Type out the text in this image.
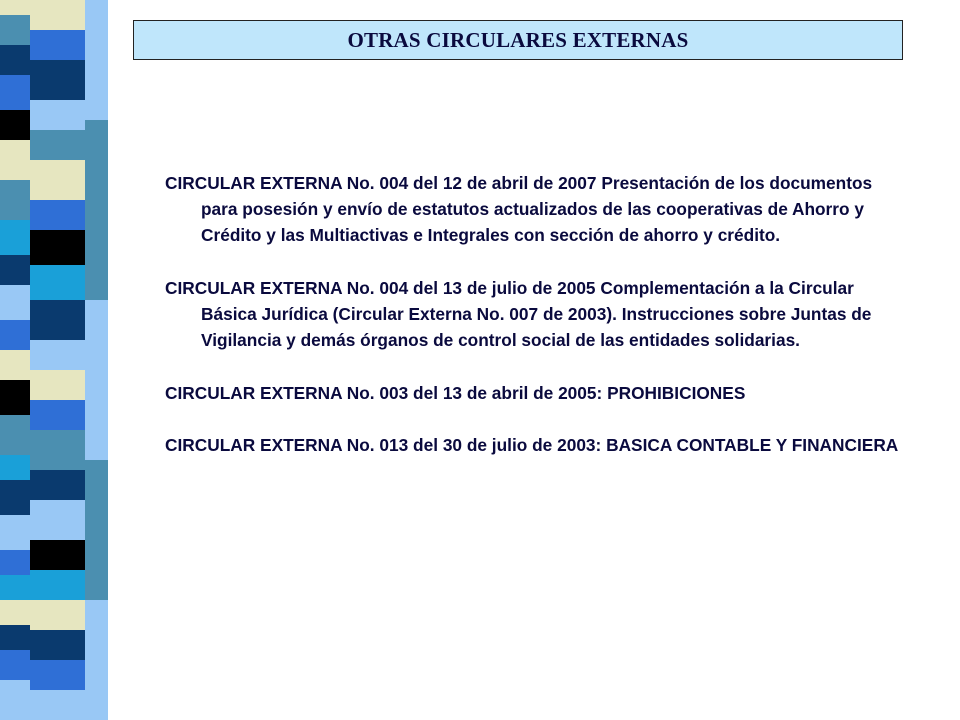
OTRAS CIRCULARES EXTERNAS

CIRCULAR EXTERNA No. 004 del 12 de abril de 2007 Presentación de los documentos para posesión y envío de estatutos actualizados de las cooperativas de Ahorro y Crédito y las Multiactivas e Integrales con sección de ahorro y crédito.

CIRCULAR EXTERNA No. 004 del 13 de julio de 2005 Complementación a la Circular Básica Jurídica (Circular Externa No. 007 de 2003). Instrucciones sobre Juntas de Vigilancia y demás órganos de control social de las entidades solidarias.

CIRCULAR EXTERNA No. 003 del 13 de abril de 2005: PROHIBICIONES

CIRCULAR EXTERNA No. 013 del 30 de julio de 2003: BASICA CONTABLE Y FINANCIERA
